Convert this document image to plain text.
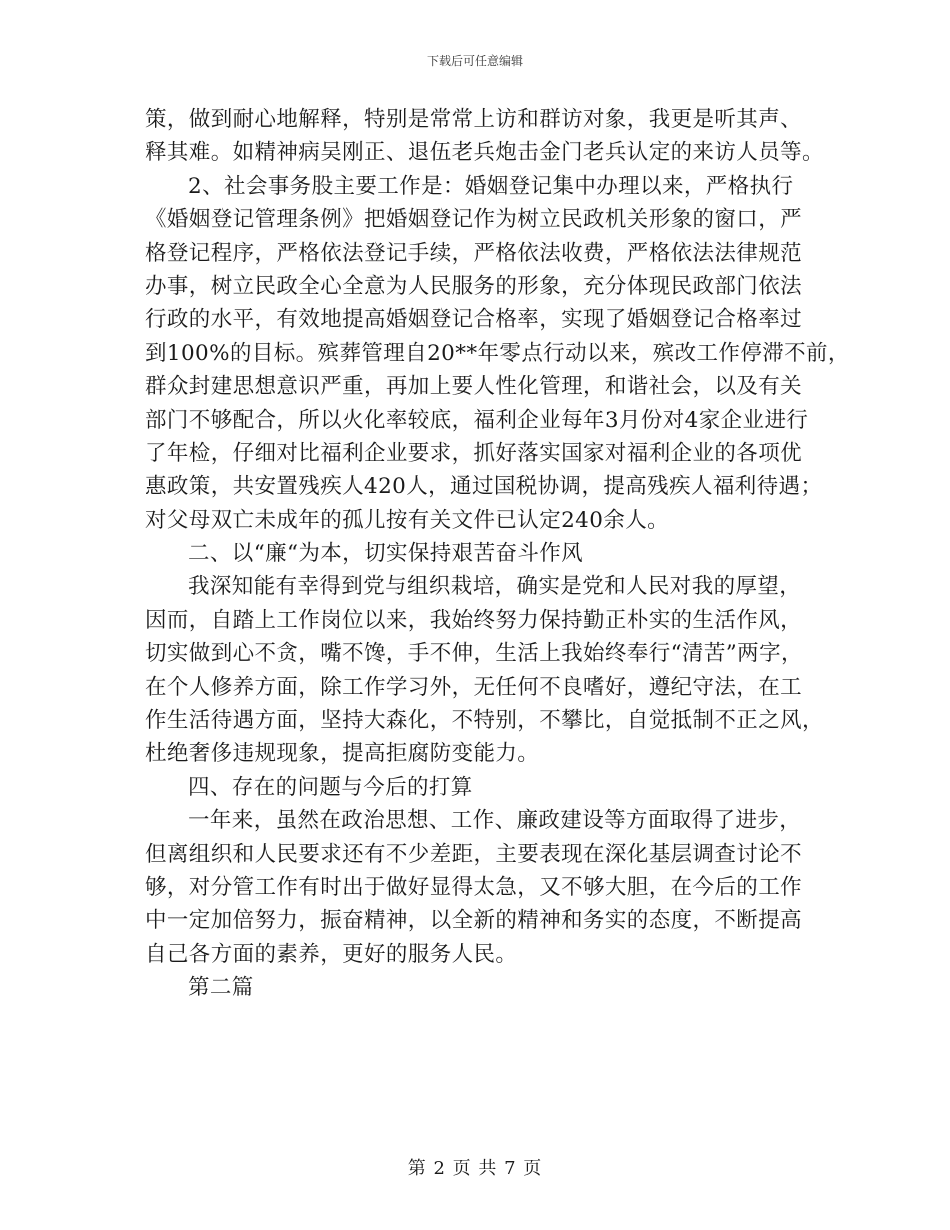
下载后可任意编辑
策，做到耐心地解释，特别是常常上访和群访对象，我更是听其声、
释其难。如精神病吴刚正、退伍老兵炮击金门老兵认定的来访人员等。
2、社会事务股主要工作是：婚姻登记集中办理以来，严格执行
《婚姻登记管理条例》把婚姻登记作为树立民政机关形象的窗口，严
格登记程序，严格依法登记手续，严格依法收费，严格依法法律规范
办事，树立民政全心全意为人民服务的形象，充分体现民政部门依法
行政的水平，有效地提高婚姻登记合格率，实现了婚姻登记合格率过
到100%的目标。殡葬管理自20**年零点行动以来，殡改工作停滞不前，
群众封建思想意识严重，再加上要人性化管理，和谐社会，以及有关
部门不够配合，所以火化率较底，福利企业每年3月份对4家企业进行
了年检，仔细对比福利企业要求，抓好落实国家对福利企业的各项优
惠政策，共安置残疾人420人，通过国税协调，提高残疾人福利待遇；
对父母双亡未成年的孤儿按有关文件已认定240余人。
二、以“廉“为本，切实保持艰苦奋斗作风
我深知能有幸得到党与组织栽培，确实是党和人民对我的厚望，
因而，自踏上工作岗位以来，我始终努力保持勤正朴实的生活作风，
切实做到心不贪，嘴不馋，手不伸，生活上我始终奉行“清苦”两字，
在个人修养方面，除工作学习外，无任何不良嗜好，遵纪守法，在工
作生活待遇方面，坚持大森化，不特别，不攀比，自觉抵制不正之风，
杜绝奢侈违规现象，提高拒腐防变能力。
四、存在的问题与今后的打算
一年来，虽然在政治思想、工作、廉政建设等方面取得了进步，
但离组织和人民要求还有不少差距，主要表现在深化基层调查讨论不
够，对分管工作有时出于做好显得太急，又不够大胆，在今后的工作
中一定加倍努力，振奋精神，以全新的精神和务实的态度，不断提高
自己各方面的素养，更好的服务人民。
第二篇
第 2 页 共 7 页
